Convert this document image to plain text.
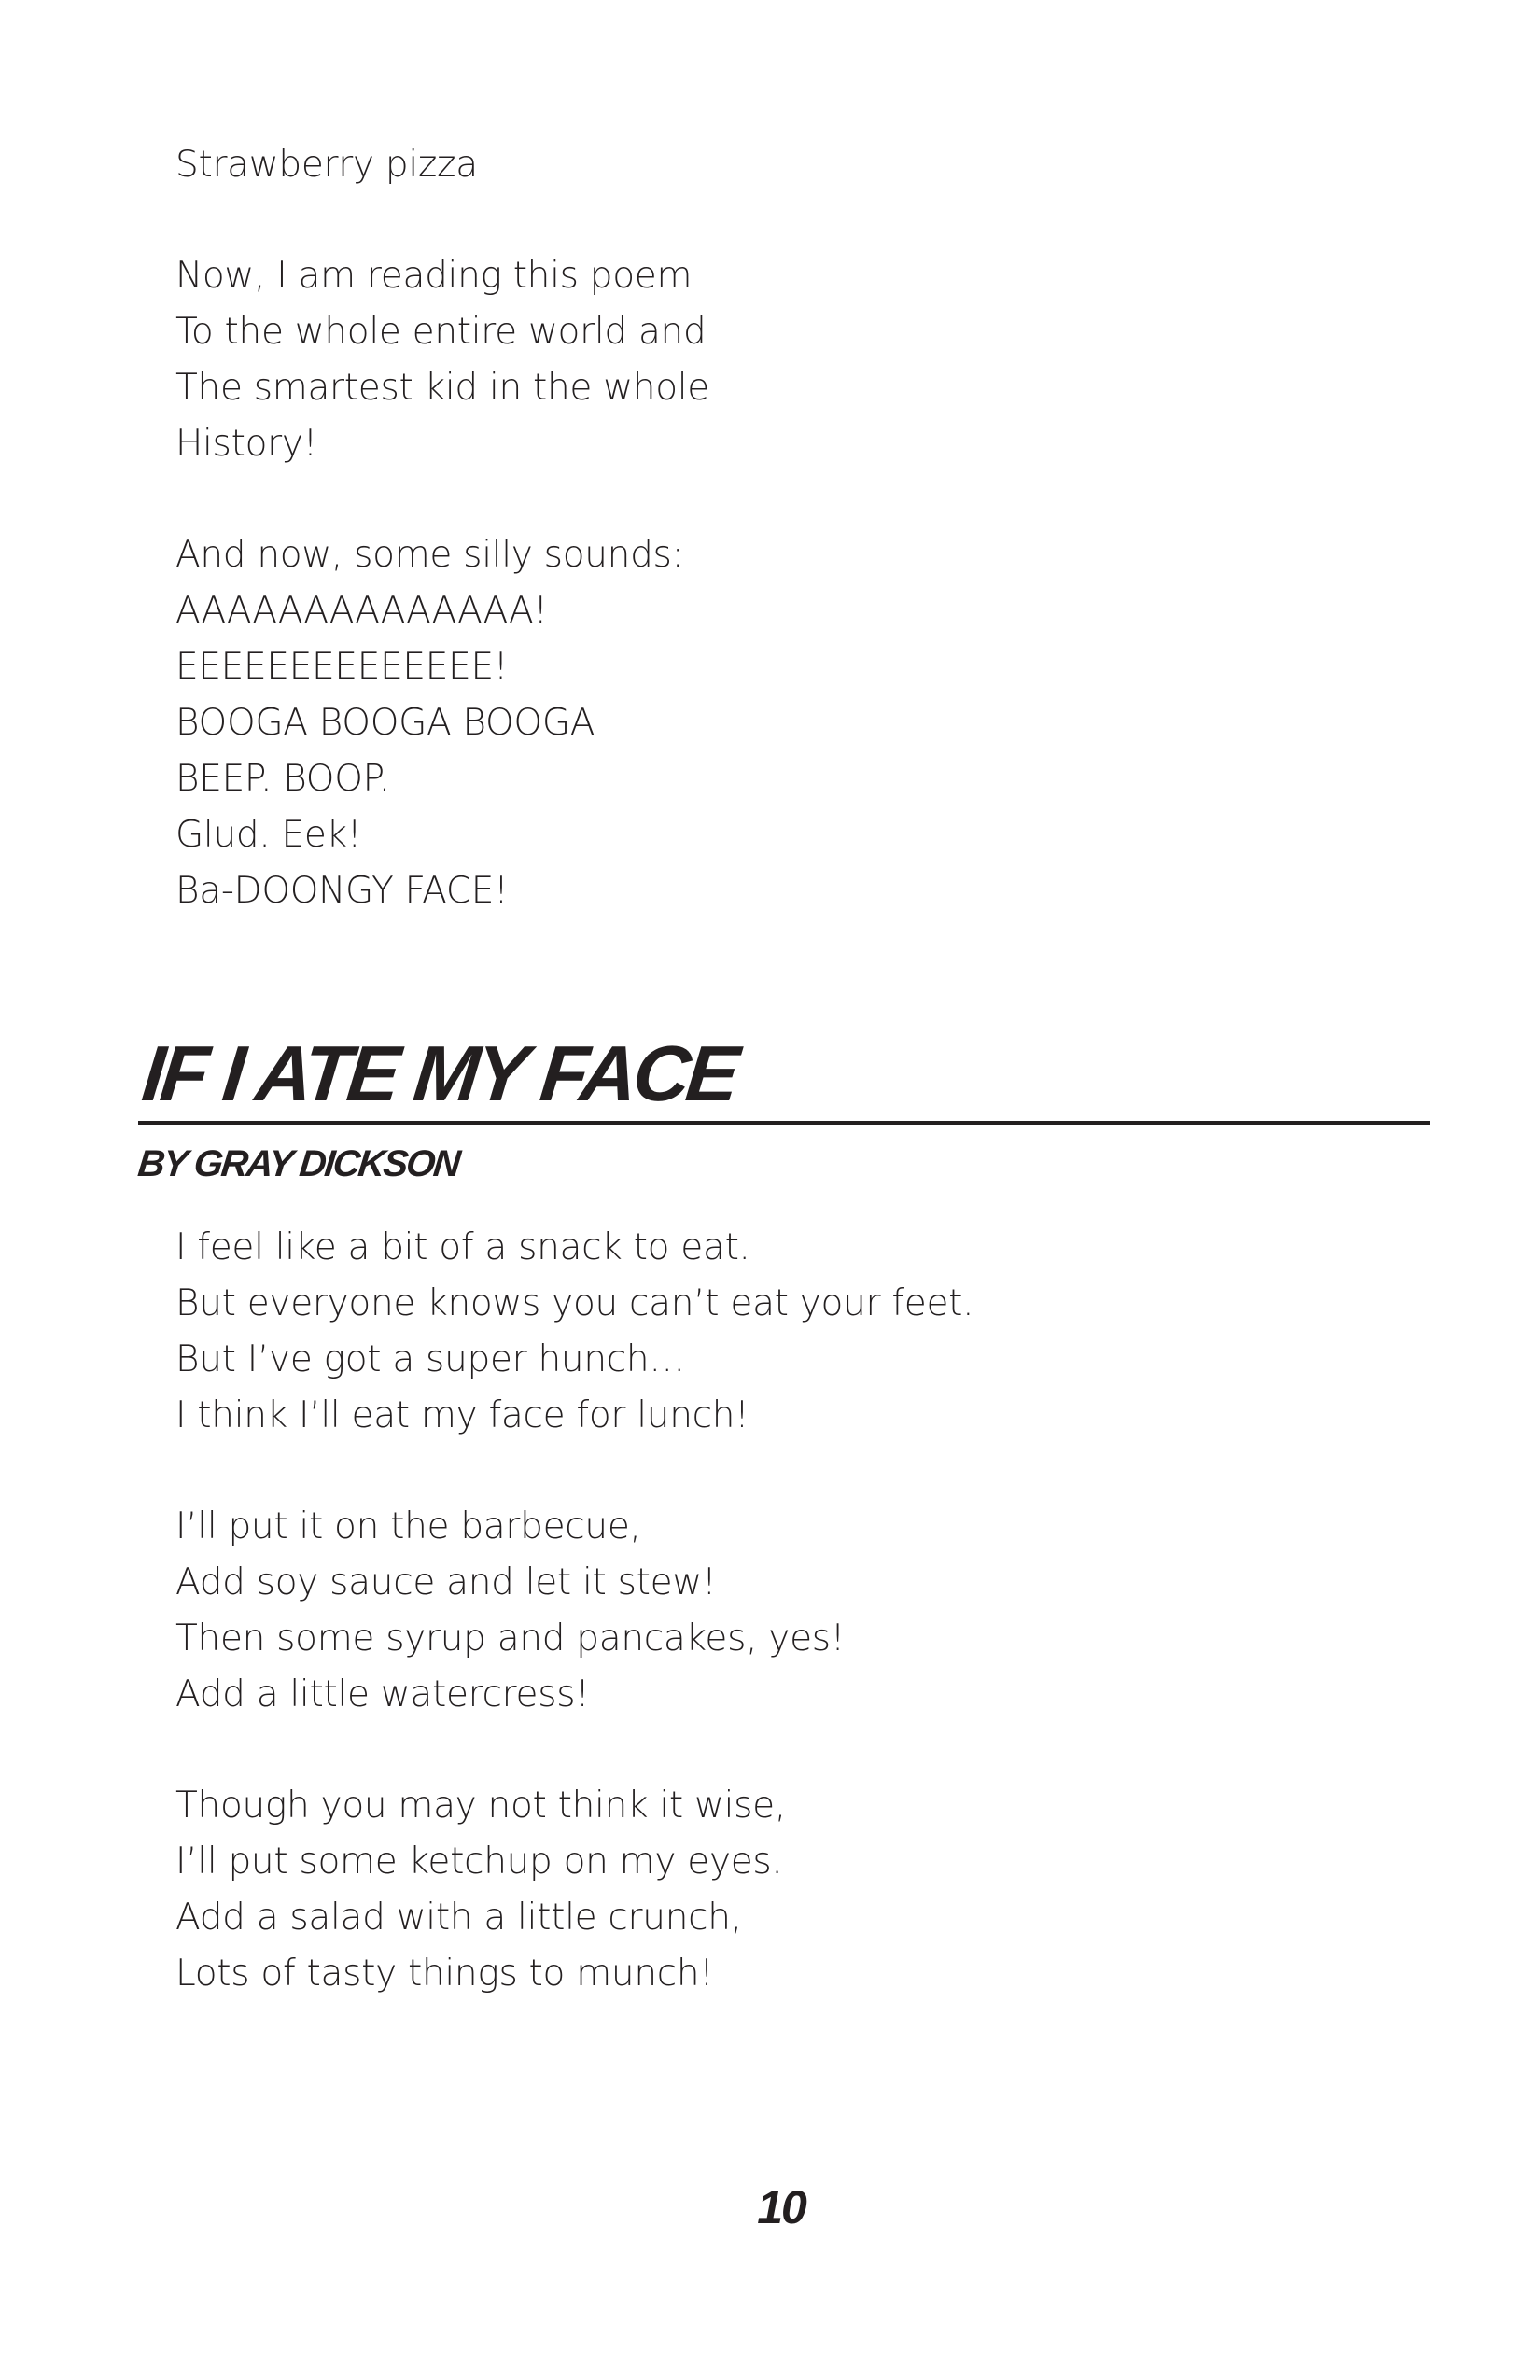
Strawberry pizza
Now, I am reading this poem
To the whole entire world and
The smartest kid in the whole
History!
And now, some silly sounds:
AAAAAAAAAAAAAA!
EEEEEEEEEEEEEE!
BOOGA BOOGA BOOGA
BEEP. BOOP.
Glud. Eek!
Ba-DOONGY FACE!
IF I ATE MY FACE
BY GRAY DICKSON
I feel like a bit of a snack to eat.
But everyone knows you can’t eat your feet.
But I’ve got a super hunch…
I think I’ll eat my face for lunch!
I’ll put it on the barbecue,
Add soy sauce and let it stew!
Then some syrup and pancakes, yes!
Add a little watercress!
Though you may not think it wise,
I’ll put some ketchup on my eyes.
Add a salad with a little crunch,
Lots of tasty things to munch!
10
